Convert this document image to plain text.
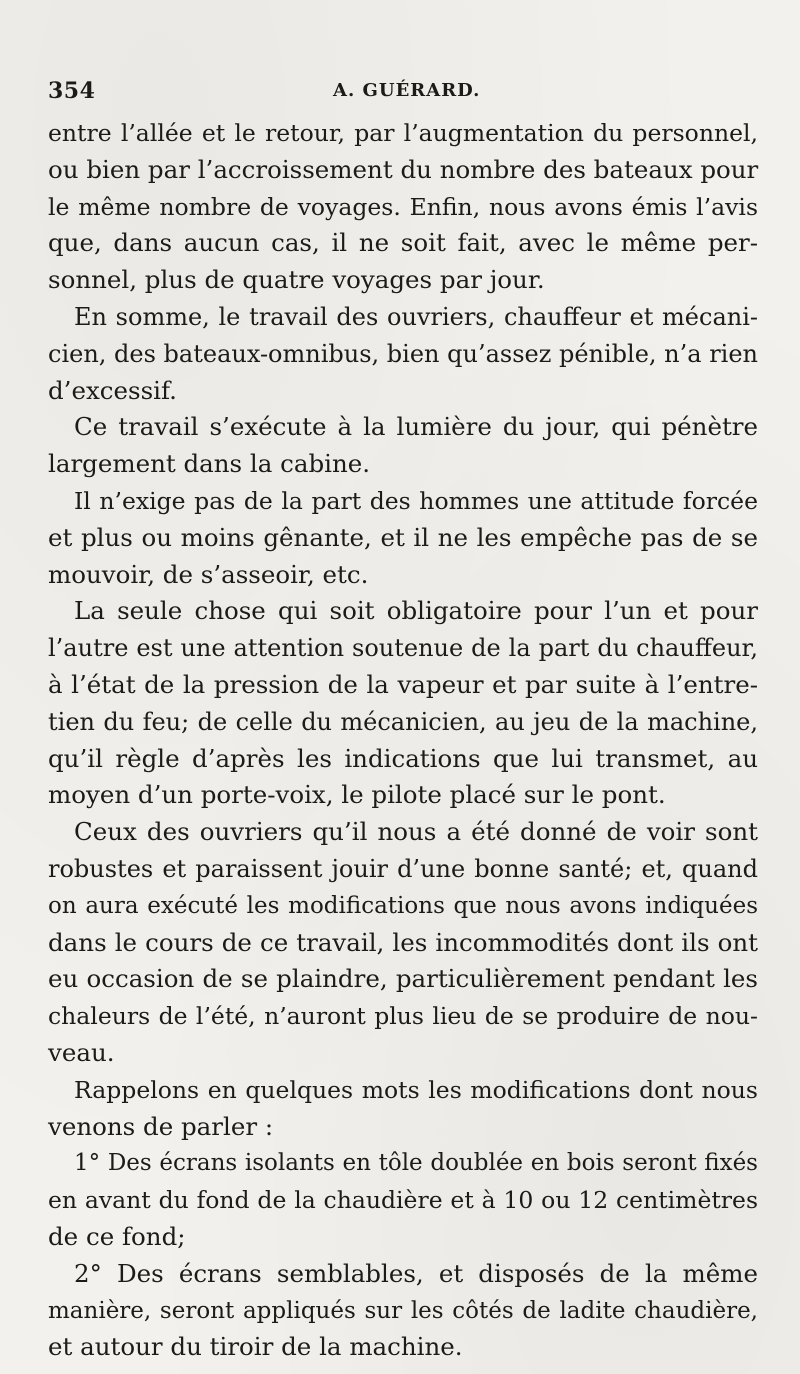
354	A. GUÉRARD.
entre l’allée et le retour, par l’augmentation du personnel,
ou bien par l’accroissement du nombre des bateaux pour
le même nombre de voyages. Enfin, nous avons émis l’avis
que, dans aucun cas, il ne soit fait, avec le même per-
sonnel, plus de quatre voyages par jour.
En somme, le travail des ouvriers, chauffeur et mécani-
cien, des bateaux-omnibus, bien qu’assez pénible, n’a rien
d’excessif.
Ce travail s’exécute à la lumière du jour, qui pénètre
largement dans la cabine.
Il n’exige pas de la part des hommes une attitude forcée
et plus ou moins gênante, et il ne les empêche pas de se
mouvoir, de s’asseoir, etc.
La seule chose qui soit obligatoire pour l’un et pour
l’autre est une attention soutenue de la part du chauffeur,
à l’état de la pression de la vapeur et par suite à l’entre-
tien du feu; de celle du mécanicien, au jeu de la machine,
qu’il règle d’après les indications que lui transmet, au
moyen d’un porte-voix, le pilote placé sur le pont.
Ceux des ouvriers qu’il nous a été donné de voir sont
robustes et paraissent jouir d’une bonne santé; et, quand
on aura exécuté les modifications que nous avons indiquées
dans le cours de ce travail, les incommodités dont ils ont
eu occasion de se plaindre, particulièrement pendant les
chaleurs de l’été, n’auront plus lieu de se produire de nou-
veau.
Rappelons en quelques mots les modifications dont nous
venons de parler :
1° Des écrans isolants en tôle doublée en bois seront fixés
en avant du fond de la chaudière et à 10 ou 12 centimètres
de ce fond;
2° Des écrans semblables, et disposés de la même
manière, seront appliqués sur les côtés de ladite chaudière,
et autour du tiroir de la machine.
